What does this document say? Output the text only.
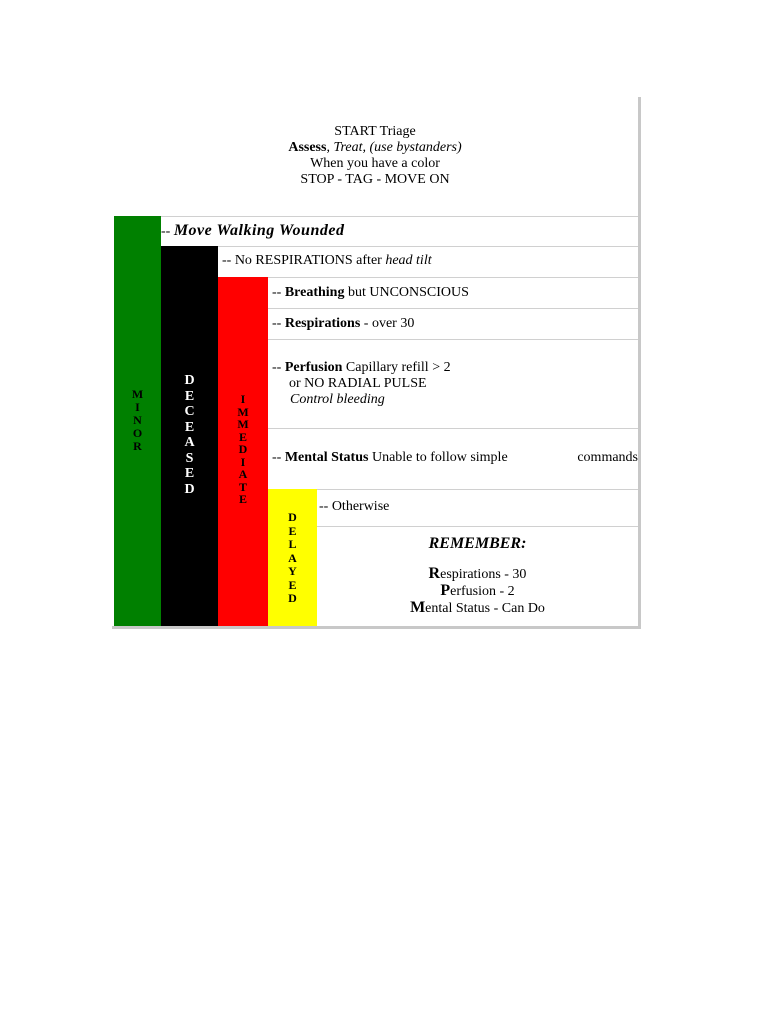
START Triage
Assess, Treat, (use bystanders)
When you have a color
STOP - TAG - MOVE ON
M
I
N
O
R
D
E
C
E
A
S
E
D
I
M
M
E
D
I
A
T
E
D
E
L
A
Y
E
D
-- Move Walking Wounded
-- No RESPIRATIONS after head tilt
-- Breathing but UNCONSCIOUS
-- Respirations - over 30
-- Perfusion Capillary refill > 2
or NO RADIAL PULSE
Control bleeding
-- Mental Status Unable to follow simple	commands
-- Otherwise
REMEMBER:
Respirations - 30
Perfusion - 2
Mental Status - Can Do
